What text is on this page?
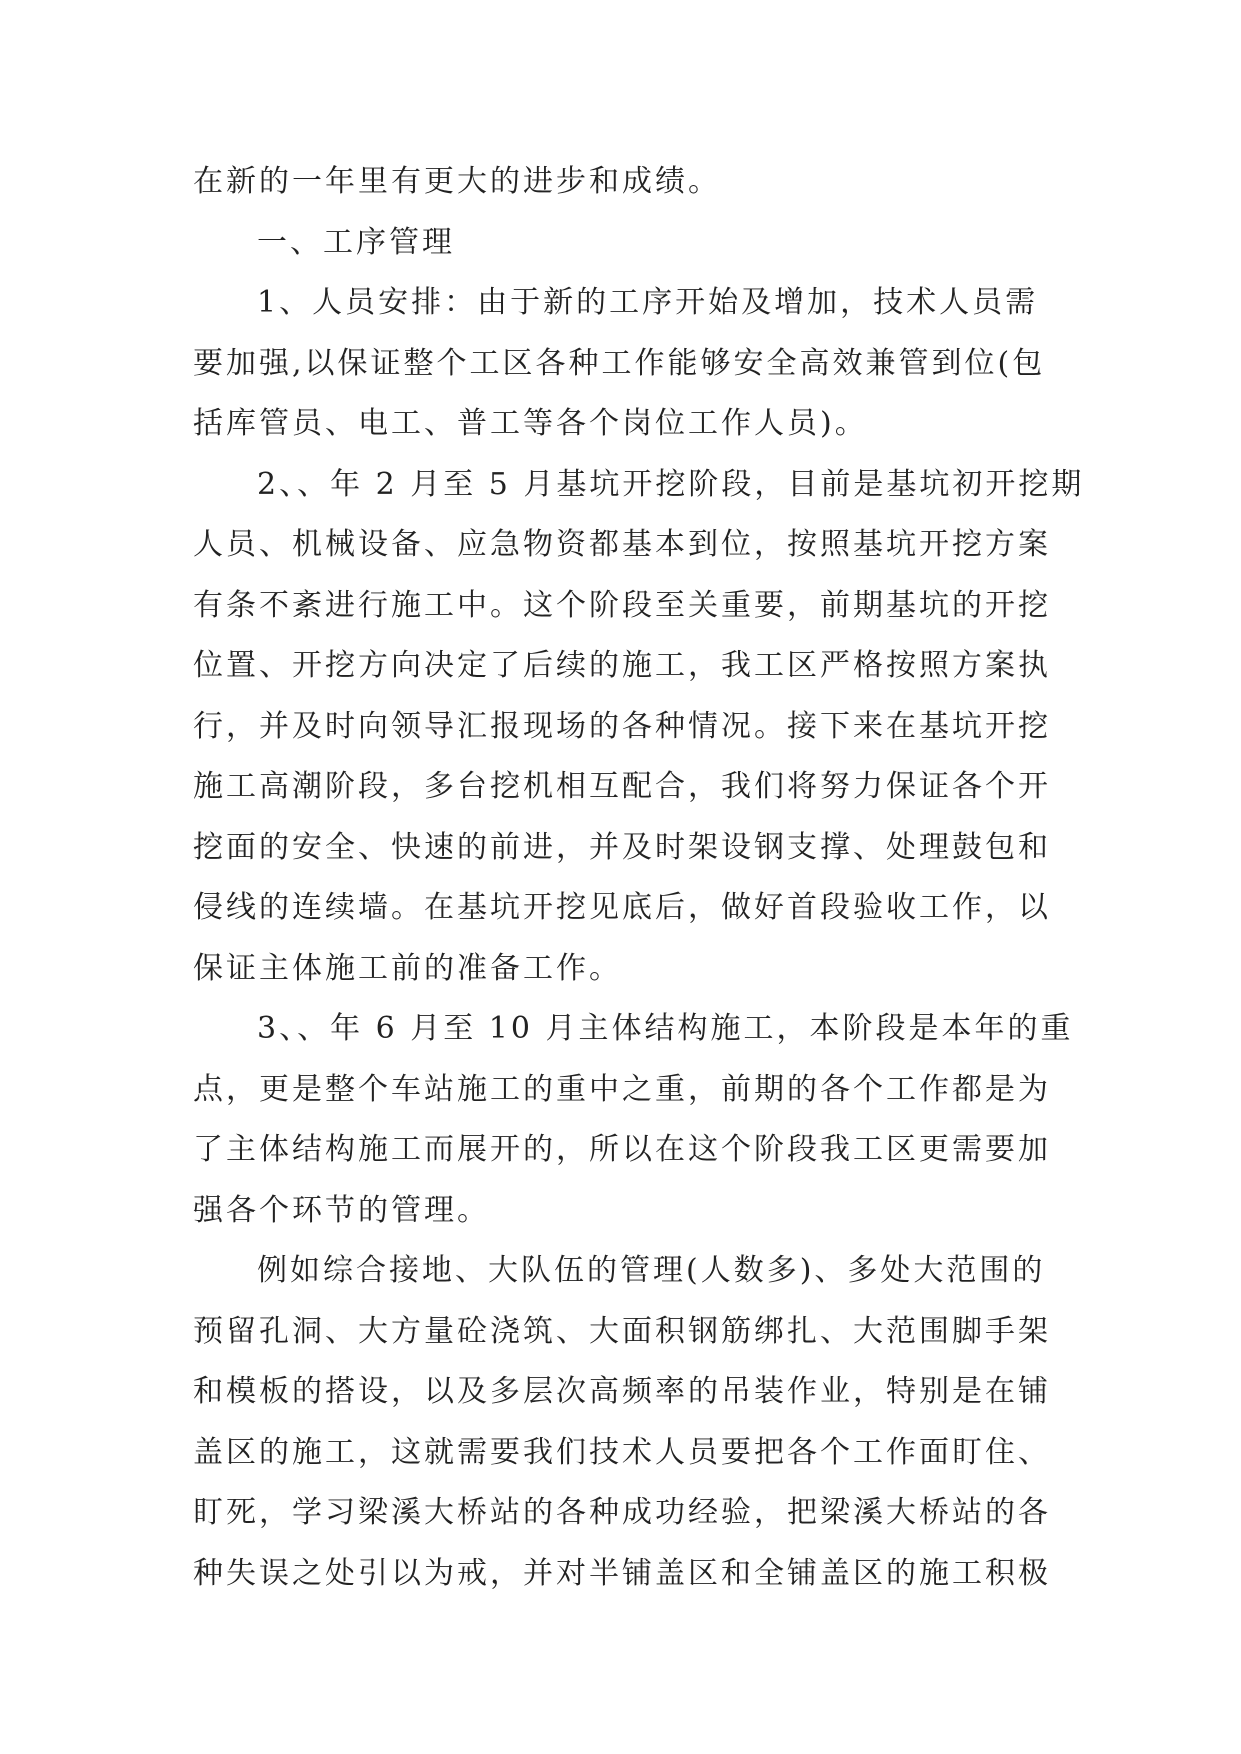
在新的一年里有更大的进步和成绩。
一、工序管理
1、人员安排：由于新的工序开始及增加，技术人员需
要加强,以保证整个工区各种工作能够安全高效兼管到位(包
括库管员、电工、普工等各个岗位工作人员)。
2、、年 2 月至 5 月基坑开挖阶段，目前是基坑初开挖期
人员、机械设备、应急物资都基本到位，按照基坑开挖方案
有条不紊进行施工中。这个阶段至关重要，前期基坑的开挖
位置、开挖方向决定了后续的施工，我工区严格按照方案执
行，并及时向领导汇报现场的各种情况。接下来在基坑开挖
施工高潮阶段，多台挖机相互配合，我们将努力保证各个开
挖面的安全、快速的前进，并及时架设钢支撑、处理鼓包和
侵线的连续墙。在基坑开挖见底后，做好首段验收工作，以
保证主体施工前的准备工作。
3、、年 6 月至 10 月主体结构施工，本阶段是本年的重
点，更是整个车站施工的重中之重，前期的各个工作都是为
了主体结构施工而展开的，所以在这个阶段我工区更需要加
强各个环节的管理。
例如综合接地、大队伍的管理(人数多)、多处大范围的
预留孔洞、大方量砼浇筑、大面积钢筋绑扎、大范围脚手架
和模板的搭设，以及多层次高频率的吊装作业，特别是在铺
盖区的施工，这就需要我们技术人员要把各个工作面盯住、
盯死，学习梁溪大桥站的各种成功经验，把梁溪大桥站的各
种失误之处引以为戒，并对半铺盖区和全铺盖区的施工积极
